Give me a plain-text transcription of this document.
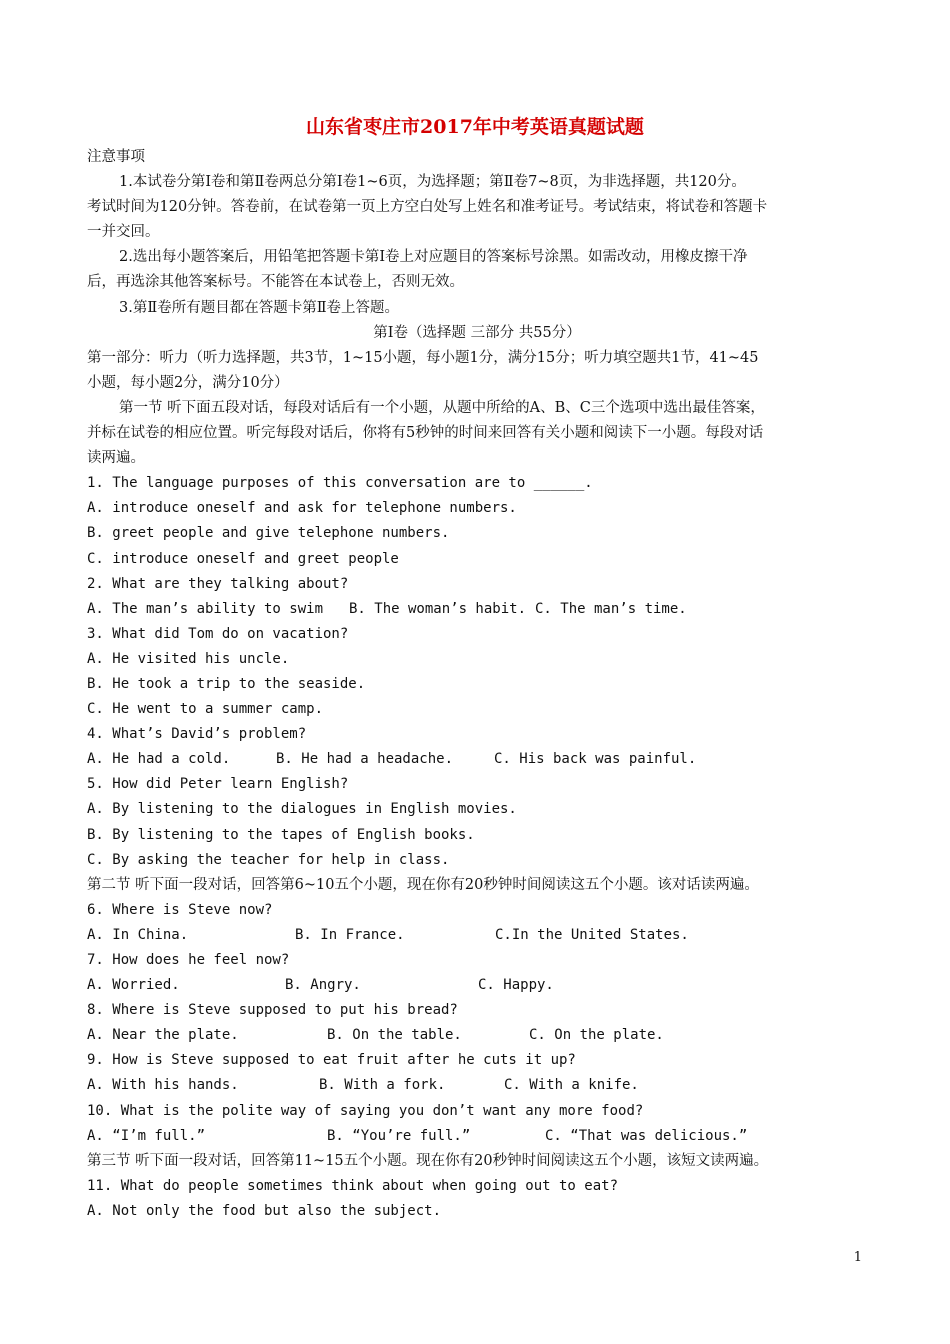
山东省枣庄市2017年中考英语真题试题
注意事项
1.本试卷分第Ⅰ卷和第Ⅱ卷两总分第Ⅰ卷1~6页，为选择题；第Ⅱ卷7~8页，为非选择题，共120分。
考试时间为120分钟。答卷前，在试卷第一页上方空白处写上姓名和准考证号。考试结束，将试卷和答题卡
一并交回。
2.选出每小题答案后，用铅笔把答题卡第Ⅰ卷上对应题目的答案标号涂黑。如需改动，用橡皮擦干净
后，再选涂其他答案标号。不能答在本试卷上，否则无效。
3.第Ⅱ卷所有题目都在答题卡第Ⅱ卷上答题。
第Ⅰ卷（选择题 三部分 共55分）
第一部分：听力（听力选择题，共3节，1~15小题，每小题1分，满分15分；听力填空题共1节，41~45
小题，每小题2分，满分10分）
第一节 听下面五段对话，每段对话后有一个小题，从题中所给的A、B、C三个选项中选出最佳答案，
并标在试卷的相应位置。听完每段对话后，你将有5秒钟的时间来回答有关小题和阅读下一小题。每段对话
读两遍。
1. The language purposes of this conversation are to ______.
A. introduce oneself and ask for telephone numbers.
B. greet people and give telephone numbers.
C. introduce oneself and greet people
2. What are they talking about?
A. The man’s ability to swim	B. The woman’s habit. C. The man’s time.
3. What did Tom do on vacation?
A. He visited his uncle.
B. He took a trip to the seaside.
C. He went to a summer camp.
4. What’s David’s problem?
A. He had a cold.	B. He had a headache.	C. His back was painful.
5. How did Peter learn English?
A. By listening to the dialogues in English movies.
B. By listening to the tapes of English books.
C. By asking the teacher for help in class.
第二节 听下面一段对话，回答第6~10五个小题，现在你有20秒钟时间阅读这五个小题。该对话读两遍。
6. Where is Steve now?
A. In China.	B. In France.	C.In the United States.
7. How does he feel now?
A. Worried.	B. Angry.	C. Happy.
8. Where is Steve supposed to put his bread?
A. Near the plate.	B. On the table.	C. On the plate.
9. How is Steve supposed to eat fruit after he cuts it up?
A. With his hands.	B. With a fork.	C. With a knife.
10. What is the polite way of saying you don’t want any more food?
A. “I’m full.”	B. “You’re full.”	C. “That was delicious.”
第三节 听下面一段对话，回答第11~15五个小题。现在你有20秒钟时间阅读这五个小题，该短文读两遍。
11. What do people sometimes think about when going out to eat?
A. Not only the food but also the subject.
1
